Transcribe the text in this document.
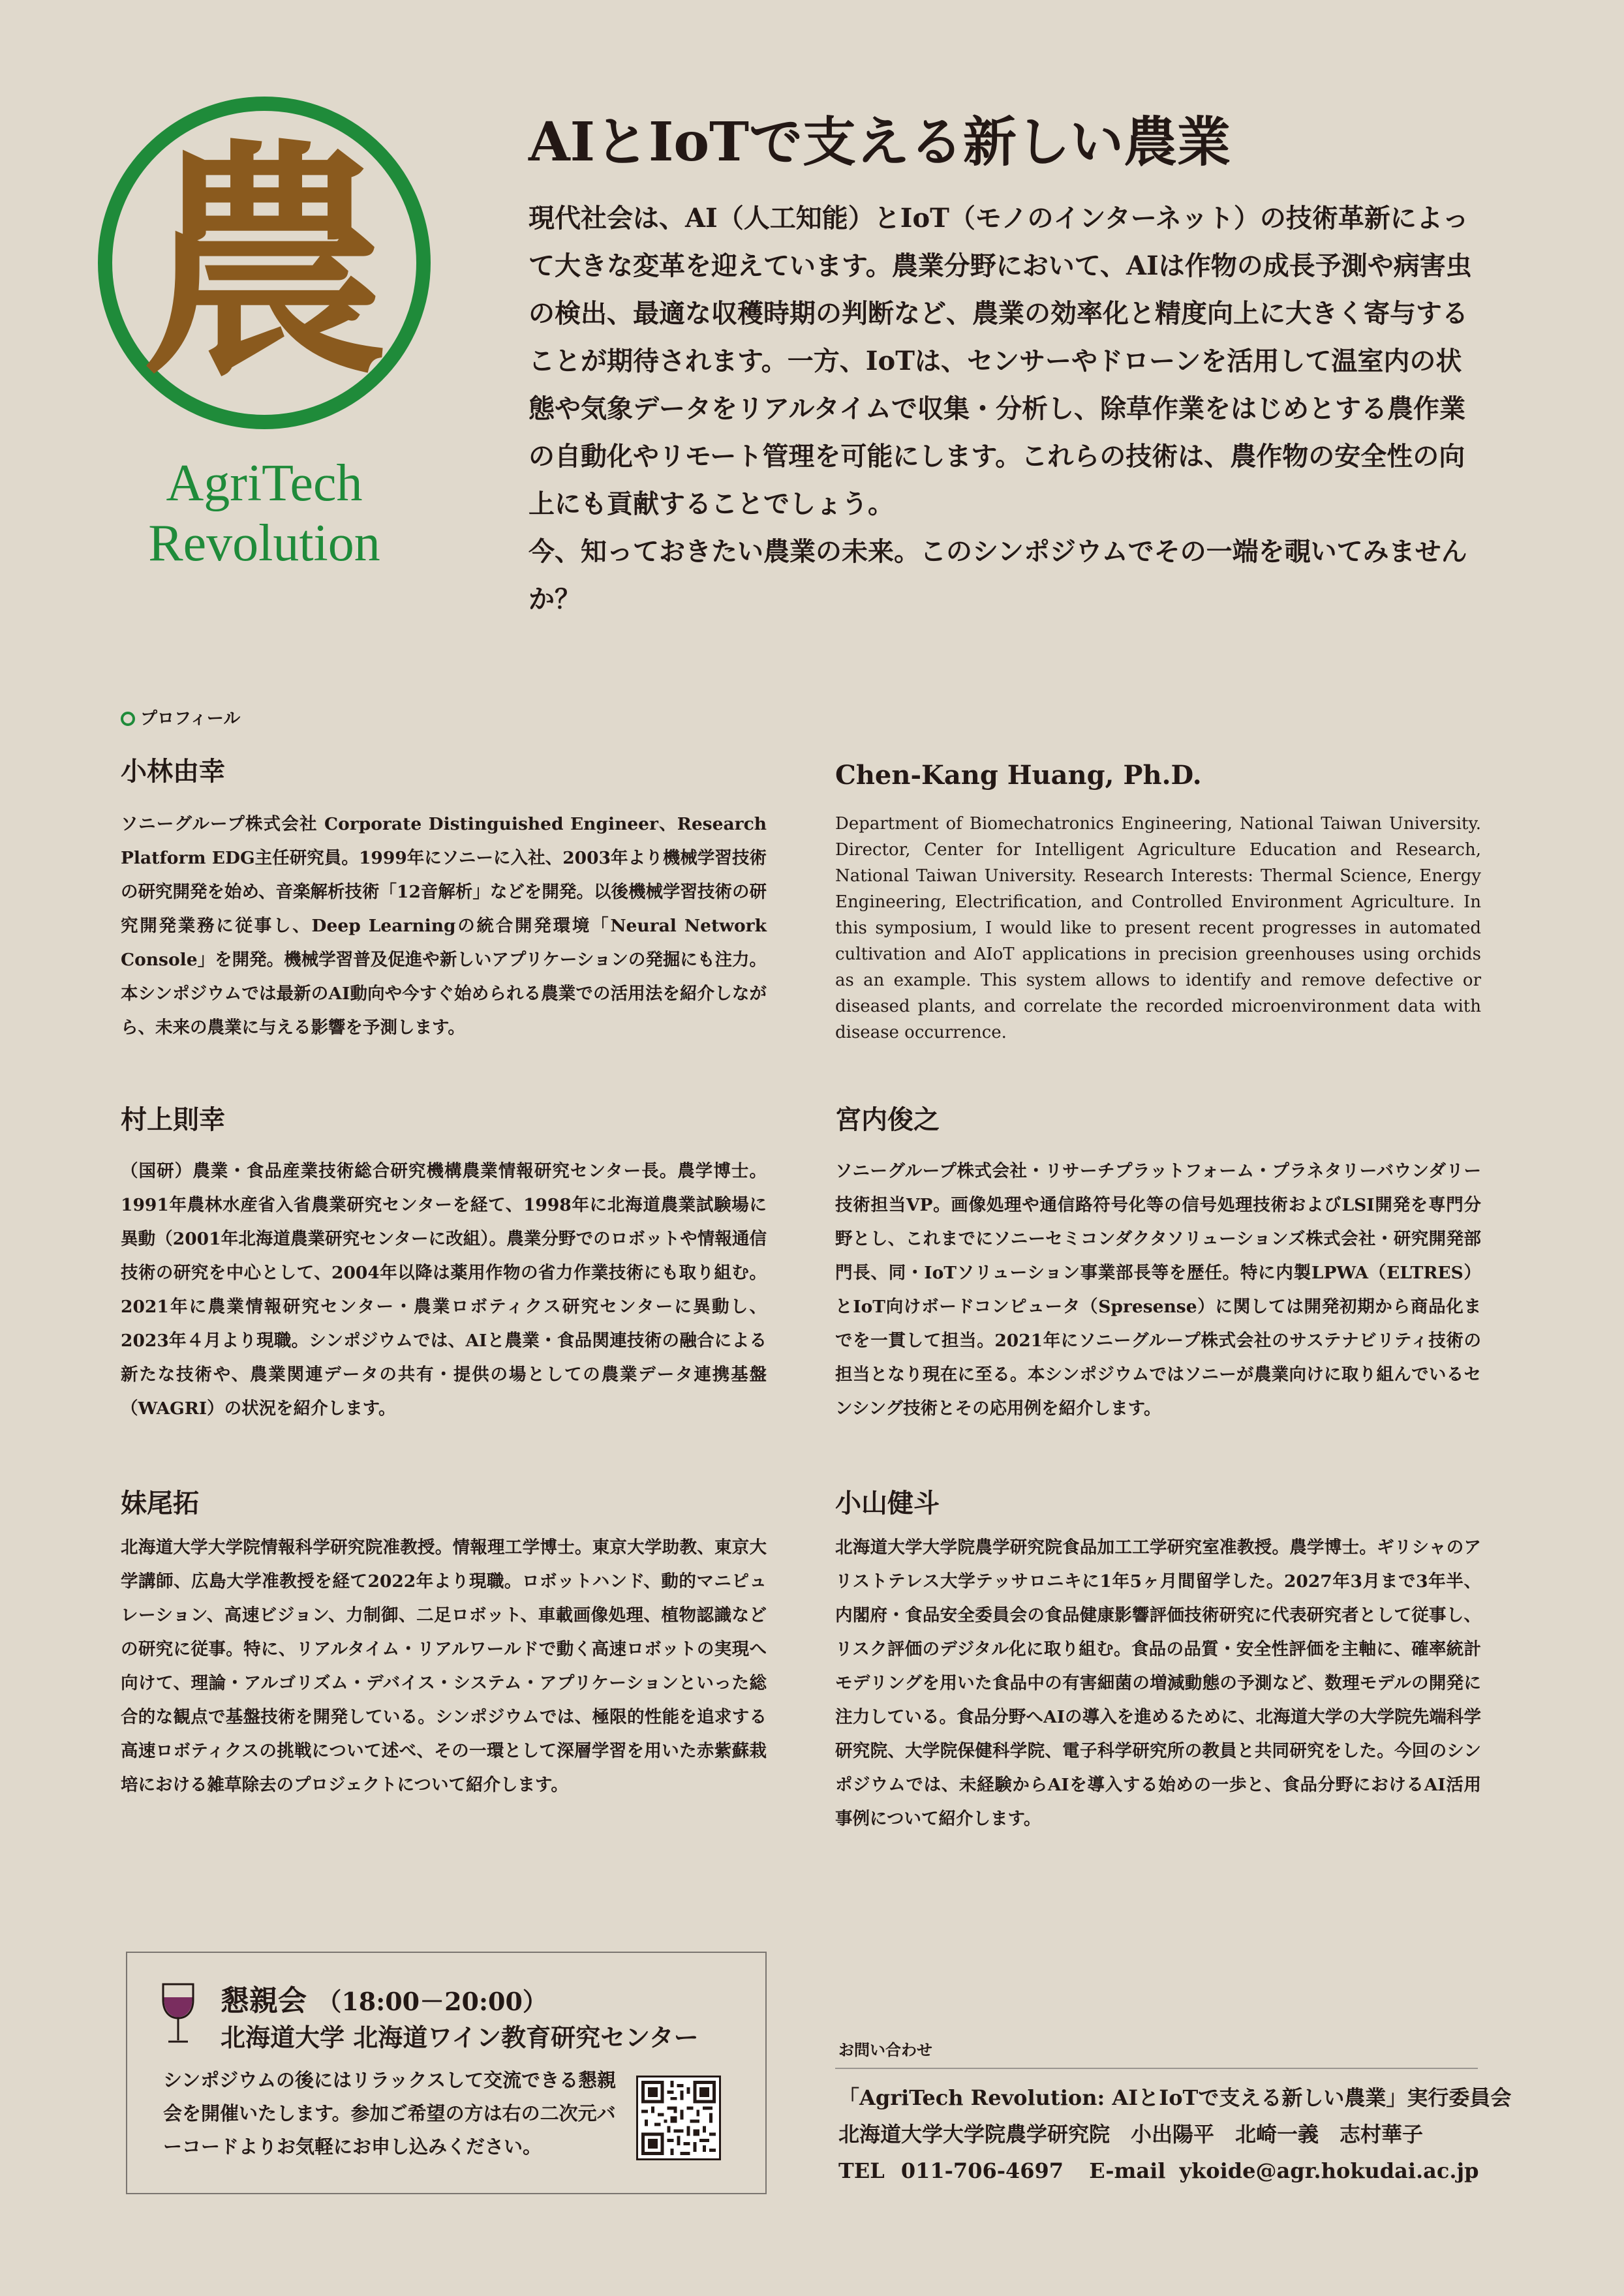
農
AgriTech
Revolution
AIとIoTで支える新しい農業

現代社会は、AI（人工知能）とIoT（モノのインターネット）の技術革新によって大きな変革を迎えています。農業分野において、AIは作物の成長予測や病害虫の検出、最適な収穫時期の判断など、農業の効率化と精度向上に大きく寄与することが期待されます。一方、IoTは、センサーやドローンを活用して温室内の状態や気象データをリアルタイムで収集・分析し、除草作業をはじめとする農作業の自動化やリモート管理を可能にします。これらの技術は、農作物の安全性の向上にも貢献することでしょう。

今、知っておきたい農業の未来。このシンポジウムでその一端を覗いてみませんか？

プロフィール
小林由幸
ソニーグループ株式会社 Corporate Distinguished Engineer、Research Platform EDG主任研究員。1999年にソニーに入社、2003年より機械学習技術の研究開発を始め、音楽解析技術「12音解析」などを開発。以後機械学習技術の研究開発業務に従事し、Deep Learningの統合開発環境「Neural Network Console」を開発。機械学習普及促進や新しいアプリケーションの発掘にも注力。本シンポジウムでは最新のAI動向や今すぐ始められる農業での活用法を紹介しながら、未来の農業に与える影響を予測します。
Chen-Kang Huang, Ph.D.
Department of Biomechatronics Engineering, National Taiwan University. Director, Center for Intelligent Agriculture Education and Research, National Taiwan University. Research Interests: Thermal Science, Energy Engineering, Electrification, and Controlled Environment Agriculture. In this symposium, I would like to present recent progresses in automated cultivation and AIoT applications in precision greenhouses using orchids as an example. This system allows to identify and remove defective or diseased plants, and correlate the recorded microenvironment data with disease occurrence.
村上則幸
（国研）農業・食品産業技術総合研究機構農業情報研究センター長。農学博士。1991年農林水産省入省農業研究センターを経て、1998年に北海道農業試験場に異動（2001年北海道農業研究センターに改組）。農業分野でのロボットや情報通信技術の研究を中心として、2004年以降は薬用作物の省力作業技術にも取り組む。2021年に農業情報研究センター・農業ロボティクス研究センターに異動し、2023年４月より現職。シンポジウムでは、AIと農業・食品関連技術の融合による新たな技術や、農業関連データの共有・提供の場としての農業データ連携基盤（WAGRI）の状況を紹介します。
宮内俊之
ソニーグループ株式会社・リサーチプラットフォーム・プラネタリーバウンダリー技術担当VP。画像処理や通信路符号化等の信号処理技術およびLSI開発を専門分野とし、これまでにソニーセミコンダクタソリューションズ株式会社・研究開発部門長、同・IoTソリューション事業部長等を歴任。特に内製LPWA（ELTRES）とIoT向けボードコンピュータ（Spresense）に関しては開発初期から商品化までを一貫して担当。2021年にソニーグループ株式会社のサステナビリティ技術の担当となり現在に至る。本シンポジウムではソニーが農業向けに取り組んでいるセンシング技術とその応用例を紹介します。
妹尾拓
北海道大学大学院情報科学研究院准教授。情報理工学博士。東京大学助教、東京大学講師、広島大学准教授を経て2022年より現職。ロボットハンド、動的マニピュレーション、高速ビジョン、力制御、二足ロボット、車載画像処理、植物認識などの研究に従事。特に、リアルタイム・リアルワールドで動く高速ロボットの実現へ向けて、理論・アルゴリズム・デバイス・システム・アプリケーションといった総合的な観点で基盤技術を開発している。シンポジウムでは、極限的性能を追求する高速ロボティクスの挑戦について述べ、その一環として深層学習を用いた赤紫蘇栽培における雑草除去のプロジェクトについて紹介します。
小山健斗
北海道大学大学院農学研究院食品加工工学研究室准教授。農学博士。ギリシャのアリストテレス大学テッサロニキに1年5ヶ月間留学した。2027年3月まで3年半、内閣府・食品安全委員会の食品健康影響評価技術研究に代表研究者として従事し、リスク評価のデジタル化に取り組む。食品の品質・安全性評価を主軸に、確率統計モデリングを用いた食品中の有害細菌の増減動態の予測など、数理モデルの開発に注力している。食品分野へAIの導入を進めるために、北海道大学の大学院先端科学研究院、大学院保健科学院、電子科学研究所の教員と共同研究をした。今回のシンポジウムでは、未経験からAIを導入する始めの一歩と、食品分野におけるAI活用事例について紹介します。
懇親会 （18:00－20:00）
北海道大学 北海道ワイン教育研究センター
シンポジウムの後にはリラックスして交流できる懇親会を開催いたします。参加ご希望の方は右の二次元バーコードよりお気軽にお申し込みください。
お問い合わせ
「AgriTech Revolution: AIとIoTで支える新しい農業」実行委員会
北海道大学大学院農学研究院　小出陽平　北崎一義　志村華子
TEL 011-706-4697 E-mail ykoide@agr.hokudai.ac.jp
